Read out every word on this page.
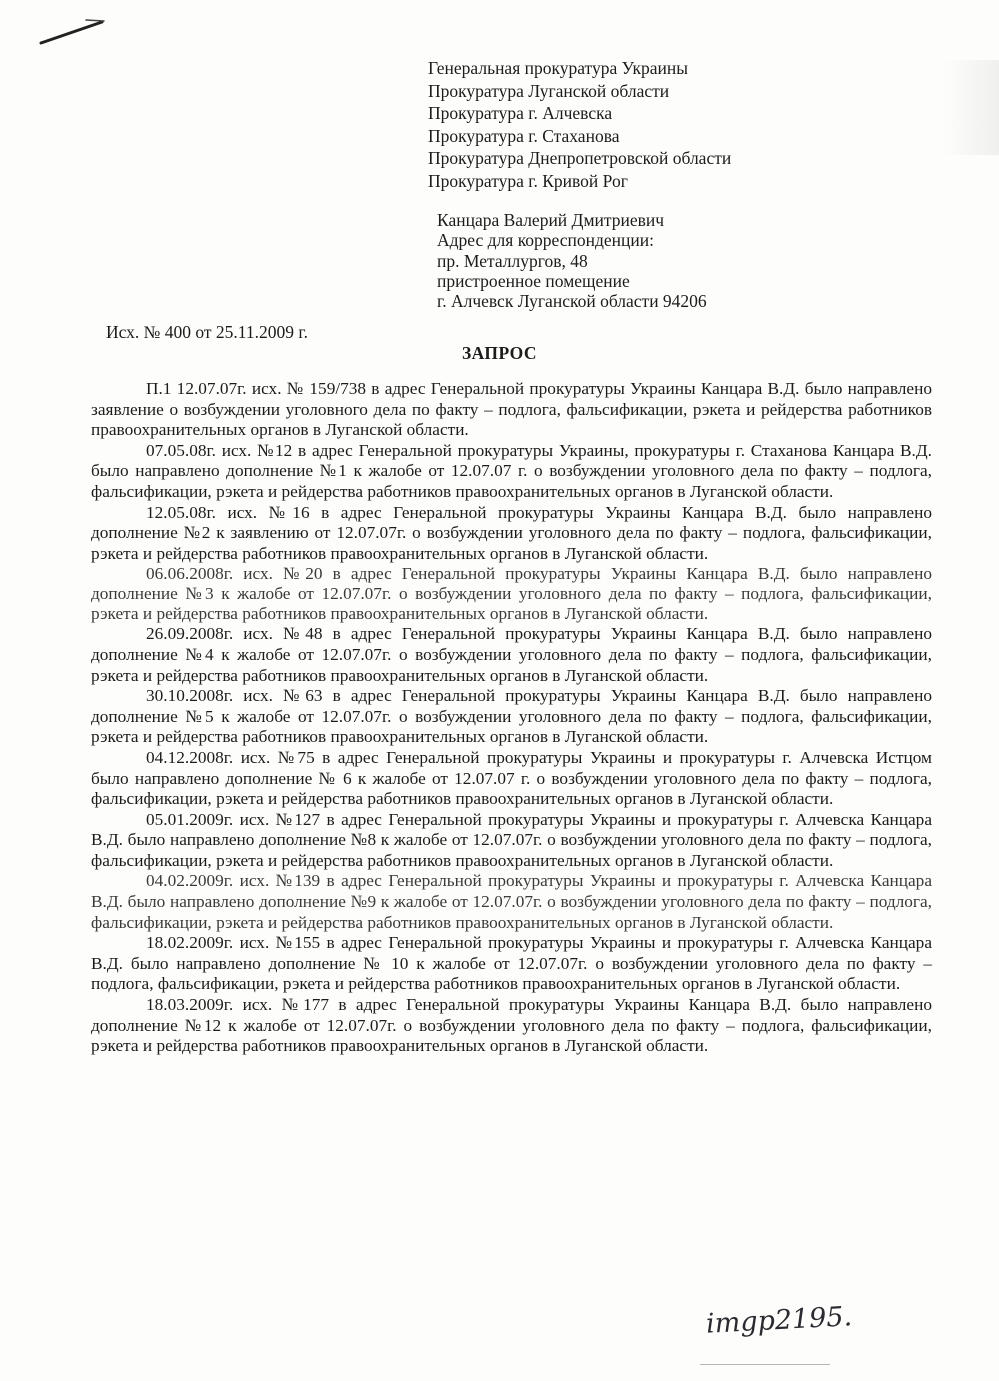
Генеральная прокуратура Украины
Прокуратура Луганской области
Прокуратура г. Алчевска
Прокуратура г. Стаханова
Прокуратура Днепропетровской области
Прокуратура г. Кривой Рог
Канцара Валерий Дмитриевич
Адрес для корреспонденции:
пр. Металлургов, 48
пристроенное помещение
г. Алчевск Луганской области 94206
Исх. № 400 от 25.11.2009 г.
ЗАПРОС

П.1 12.07.07г. исх. № 159/738 в адрес Генеральной прокуратуры Украины Канцара В.Д. было направлено заявление о возбуждении уголовного дела по факту – подлога, фальсификации, рэкета и рейдерства работников правоохранительных органов в Луганской области.

07.05.08г. исх. №12 в адрес Генеральной прокуратуры Украины, прокуратуры г. Стаханова Канцара В.Д. было направлено дополнение №1 к жалобе от 12.07.07 г. о возбуждении уголовного дела по факту – подлога, фальсификации, рэкета и рейдерства работников правоохранительных органов в Луганской области.

12.05.08г. исх. №16 в адрес Генеральной прокуратуры Украины Канцара В.Д. было направлено дополнение №2 к заявлению от 12.07.07г. о возбуждении уголовного дела по факту – подлога, фальсификации, рэкета и рейдерства работников правоохранительных органов в Луганской области.

06.06.2008г. исх. №20 в адрес Генеральной прокуратуры Украины Канцара В.Д. было направлено дополнение №3 к жалобе от 12.07.07г. о возбуждении уголовного дела по факту – подлога, фальсификации, рэкета и рейдерства работников правоохранительных органов в Луганской области.

26.09.2008г. исх. №48 в адрес Генеральной прокуратуры Украины Канцара В.Д. было направлено дополнение №4 к жалобе от 12.07.07г. о возбуждении уголовного дела по факту – подлога, фальсификации, рэкета и рейдерства работников правоохранительных органов в Луганской области.

30.10.2008г. исх. №63 в адрес Генеральной прокуратуры Украины Канцара В.Д. было направлено дополнение №5 к жалобе от 12.07.07г. о возбуждении уголовного дела по факту – подлога, фальсификации, рэкета и рейдерства работников правоохранительных органов в Луганской области.

04.12.2008г. исх. №75 в адрес Генеральной прокуратуры Украины и прокуратуры г. Алчевска Истцом было направлено дополнение № 6 к жалобе от 12.07.07 г. о возбуждении уголовного дела по факту – подлога, фальсификации, рэкета и рейдерства работников правоохранительных органов в Луганской области.

05.01.2009г. исх. №127 в адрес Генеральной прокуратуры Украины и прокуратуры г. Алчевска Канцара В.Д. было направлено дополнение №8 к жалобе от 12.07.07г. о возбуждении уголовного дела по факту – подлога, фальсификации, рэкета и рейдерства работников правоохранительных органов в Луганской области.

04.02.2009г. исх. №139 в адрес Генеральной прокуратуры Украины и прокуратуры г. Алчевска Канцара В.Д. было направлено дополнение №9 к жалобе от 12.07.07г. о возбуждении уголовного дела по факту – подлога, фальсификации, рэкета и рейдерства работников правоохранительных органов в Луганской области.

18.02.2009г. исх. №155 в адрес Генеральной прокуратуры Украины и прокуратуры г. Алчевска Канцара В.Д. было направлено дополнение № 10 к жалобе от 12.07.07г. о возбуждении уголовного дела по факту – подлога, фальсификации, рэкета и рейдерства работников правоохранительных органов в Луганской области.

18.03.2009г. исх. №177 в адрес Генеральной прокуратуры Украины Канцара В.Д. было направлено дополнение №12 к жалобе от 12.07.07г. о возбуждении уголовного дела по факту – подлога, фальсификации, рэкета и рейдерства работников правоохранительных органов в Луганской области.

imgp2195.
